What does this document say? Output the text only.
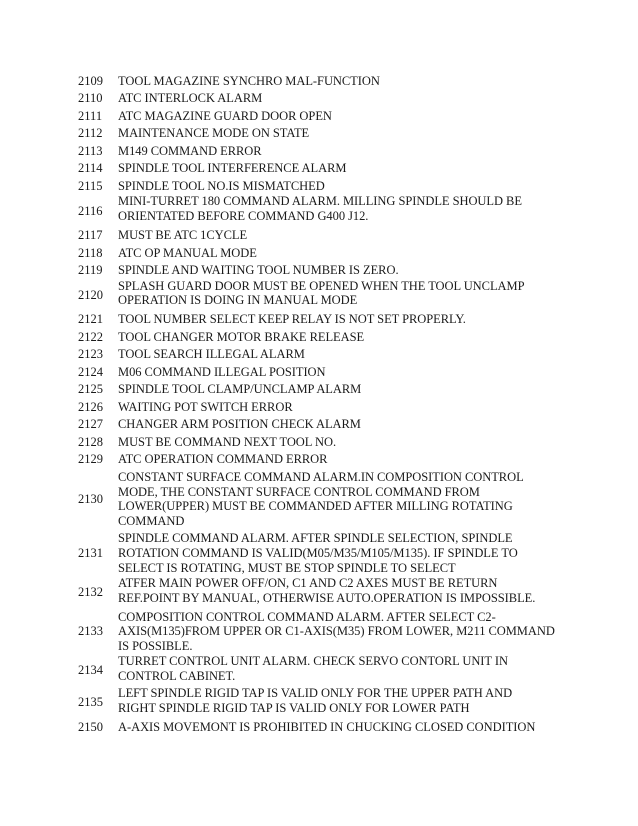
2109	TOOL MAGAZINE SYNCHRO MAL-FUNCTION
2110	ATC INTERLOCK ALARM
2111	ATC MAGAZINE GUARD DOOR OPEN
2112	MAINTENANCE MODE ON STATE
2113	M149 COMMAND ERROR
2114	SPINDLE TOOL INTERFERENCE ALARM
2115	SPINDLE TOOL NO.IS MISMATCHED
2116
MINI-TURRET 180 COMMAND ALARM. MILLING SPINDLE SHOULD BE
ORIENTATED BEFORE COMMAND G400 J12.
2117	MUST BE ATC 1CYCLE
2118	ATC OP MANUAL MODE
2119	SPINDLE AND WAITING TOOL NUMBER IS ZERO.
2120
SPLASH GUARD DOOR MUST BE OPENED WHEN THE TOOL UNCLAMP
OPERATION IS DOING IN MANUAL MODE
2121	TOOL NUMBER SELECT KEEP RELAY IS NOT SET PROPERLY.
2122	TOOL CHANGER MOTOR BRAKE RELEASE
2123	TOOL SEARCH ILLEGAL ALARM
2124	M06 COMMAND ILLEGAL POSITION
2125	SPINDLE TOOL CLAMP/UNCLAMP ALARM
2126	WAITING POT SWITCH ERROR
2127	CHANGER ARM POSITION CHECK ALARM
2128	MUST BE COMMAND NEXT TOOL NO.
2129	ATC OPERATION COMMAND ERROR
2130
CONSTANT SURFACE COMMAND ALARM.IN COMPOSITION CONTROL
MODE, THE CONSTANT SURFACE CONTROL COMMAND FROM
LOWER(UPPER) MUST BE COMMANDED AFTER MILLING ROTATING
COMMAND
2131
SPINDLE COMMAND ALARM. AFTER SPINDLE SELECTION, SPINDLE
ROTATION COMMAND IS VALID(M05/M35/M105/M135). IF SPINDLE TO
SELECT IS ROTATING, MUST BE STOP SPINDLE TO SELECT
2132
ATFER MAIN POWER OFF/ON, C1 AND C2 AXES MUST BE RETURN
REF.POINT BY MANUAL, OTHERWISE AUTO.OPERATION IS IMPOSSIBLE.
2133
COMPOSITION CONTROL COMMAND ALARM. AFTER SELECT C2-
AXIS(M135)FROM UPPER OR C1-AXIS(M35) FROM LOWER, M211 COMMAND
IS POSSIBLE.
2134
TURRET CONTROL UNIT ALARM. CHECK SERVO CONTORL UNIT IN
CONTROL CABINET.
2135
LEFT SPINDLE RIGID TAP IS VALID ONLY FOR THE UPPER PATH AND
RIGHT SPINDLE RIGID TAP IS VALID ONLY FOR LOWER PATH
2150	A-AXIS MOVEMONT IS PROHIBITED IN CHUCKING CLOSED CONDITION
